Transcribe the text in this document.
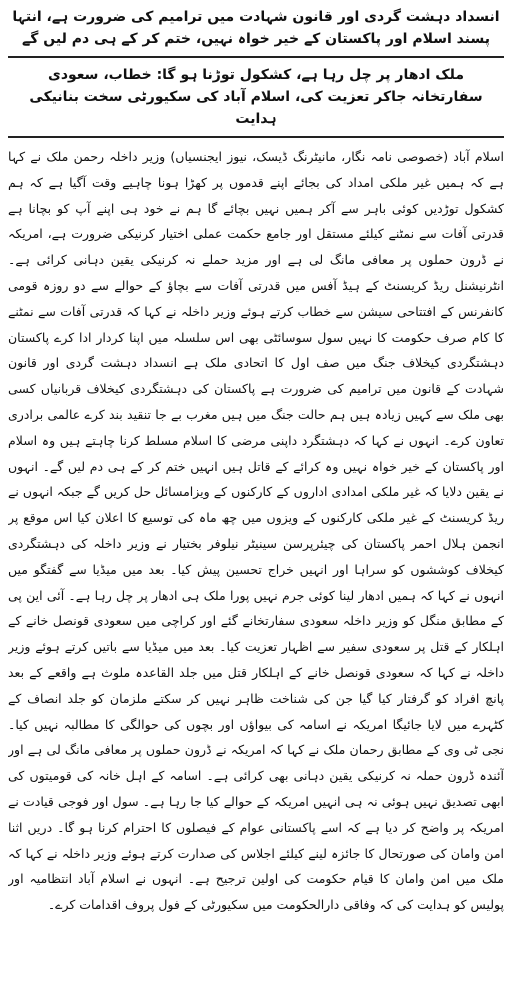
انسداد دہشت گردی اور قانون شہادت میں ترامیم کی ضرورت ہے، انتہا پسند اسلام اور پاکستان کے خیر خواہ نہیں، ختم کر کے ہی دم لیں گے
ملک ادھار پر چل رہا ہے، کشکول توڑنا ہو گا: خطاب، سعودی سفارتخانہ جاکر تعزیت کی، اسلام آباد کی سکیورٹی سخت بنانیکی ہدایت

اسلام آباد (خصوصی نامہ نگار، مانیٹرنگ ڈیسک، نیوز ایجنسیاں) وزیر داخلہ رحمن ملک نے کہا ہے کہ ہمیں غیر ملکی امداد کی بجائے اپنے قدموں پر کھڑا ہونا چاہیے وقت آگیا ہے کہ ہم کشکول توڑدیں کوئی باہر سے آکر ہمیں نہیں بچائے گا ہم نے خود ہی اپنے آپ کو بچانا ہے قدرتی آفات سے نمٹنے کیلئے مستقل اور جامع حکمت عملی اختیار کرنیکی ضرورت ہے، امریکہ نے ڈرون حملوں پر معافی مانگ لی ہے اور مزید حملے نہ کرنیکی یقین دہانی کرائی ہے۔ انٹرنیشنل ریڈ کریسنٹ کے ہیڈ آفس میں قدرتی آفات سے بچاؤ کے حوالے سے دو روزہ قومی کانفرنس کے افتتاحی سیشن سے خطاب کرتے ہوئے وزیر داخلہ نے کہا کہ قدرتی آفات سے نمٹنے کا کام صرف حکومت کا نہیں سول سوسائٹی بھی اس سلسلہ میں اپنا کردار ادا کرے پاکستان دہشتگردی کیخلاف جنگ میں صف اول کا اتحادی ملک ہے انسداد دہشت گردی اور قانون شہادت کے قانون میں ترامیم کی ضرورت ہے پاکستان کی دہشتگردی کیخلاف قربانیاں کسی بھی ملک سے کہیں زیادہ ہیں ہم حالت جنگ میں ہیں مغرب بے جا تنقید بند کرے عالمی برادری تعاون کرے۔ انہوں نے کہا کہ دہشتگرد داپنی مرضی کا اسلام مسلط کرنا چاہتے ہیں وہ اسلام اور پاکستان کے خیر خواہ نہیں وہ کرائے کے قاتل ہیں انہیں ختم کر کے ہی دم لیں گے۔ انہوں نے یقین دلایا کہ غیر ملکی امدادی اداروں کے کارکنوں کے ویزامسائل حل کریں گے جبکہ انہوں نے ریڈ کریسنٹ کے غیر ملکی کارکنوں کے ویزوں میں چھ ماہ کی توسیع کا اعلان کیا اس موقع پر انجمن ہلال احمر پاکستان کی چیئرپرسن سینیٹر نیلوفر بختیار نے وزیر داخلہ کی دہشتگردی کیخلاف کوششوں کو سراہا اور انہیں خراج تحسین پیش کیا۔ بعد میں میڈیا سے گفتگو میں انہوں نے کہا کہ ہمیں ادھار لینا کوئی جرم نہیں پورا ملک ہی ادھار پر چل رہا ہے۔ آئی این پی کے مطابق منگل کو وزیر داخلہ سعودی سفارتخانے گئے اور کراچی میں سعودی قونصل خانے کے اہلکار کے قتل پر سعودی سفیر سے اظہار تعزیت کیا۔ بعد میں میڈیا سے باتیں کرتے ہوئے وزیر داخلہ نے کہا کہ سعودی قونصل خانے کے اہلکار قتل میں جلد القاعدہ ملوث ہے واقعے کے بعد پانچ افراد کو گرفتار کیا گیا جن کی شناخت ظاہر نہیں کر سکتے ملزمان کو جلد انصاف کے کٹہرے میں لایا جائیگا امریکہ نے اسامہ کی بیواؤں اور بچوں کی حوالگی کا مطالبہ نہیں کیا۔ نجی ٹی وی کے مطابق رحمان ملک نے کہا کہ امریکہ نے ڈرون حملوں پر معافی مانگ لی ہے اور آئندہ ڈرون حملہ نہ کرنیکی یقین دہانی بھی کرائی ہے۔ اسامہ کے اہل خانہ کی قومیتوں کی ابھی تصدیق نہیں ہوئی نہ ہی انہیں امریکہ کے حوالے کیا جا رہا ہے۔ سول اور فوجی قیادت نے امریکہ پر واضح کر دیا ہے کہ اسے پاکستانی عوام کے فیصلوں کا احترام کرنا ہو گا۔ دریں اثنا امن وامان کی صورتحال کا جائزہ لینے کیلئے اجلاس کی صدارت کرتے ہوئے وزیر داخلہ نے کہا کہ ملک میں امن وامان کا قیام حکومت کی اولین ترجیح ہے۔ انہوں نے اسلام آباد انتظامیہ اور پولیس کو ہدایت کی کہ وفاقی دارالحکومت میں سکیورٹی کے فول پروف اقدامات کرے۔
